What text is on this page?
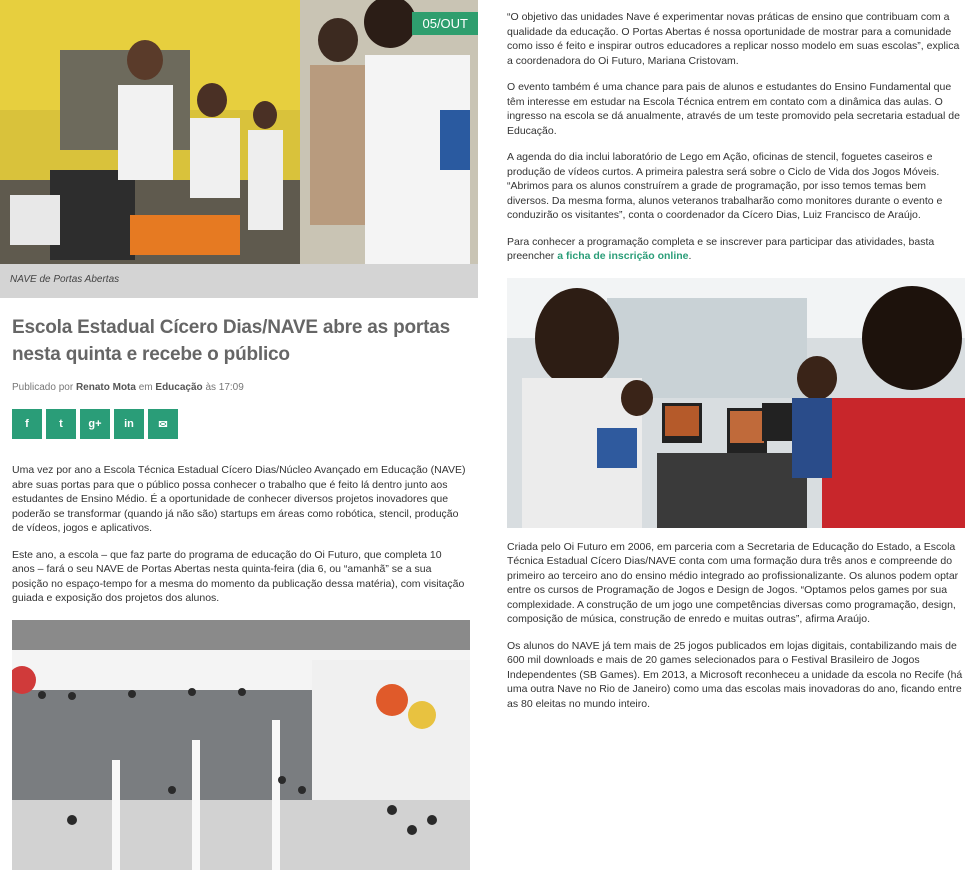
05/OUT
NAVE de Portas Abertas
Escola Estadual Cícero Dias/NAVE abre as portas nesta quinta e recebe o público
Publicado por Renato Mota em Educação às 17:09
f	t g+ in ✉

Uma vez por ano a Escola Técnica Estadual Cícero Dias/Núcleo Avançado em Educação (NAVE) abre suas portas para que o público possa conhecer o trabalho que é feito lá dentro junto aos estudantes de Ensino Médio. É a oportunidade de conhecer diversos projetos inovadores que poderão se transformar (quando já não são) startups em áreas como robótica, stencil, produção de vídeos, jogos e aplicativos.

Este ano, a escola – que faz parte do programa de educação do Oi Futuro, que completa 10 anos – fará o seu NAVE de Portas Abertas nesta quinta-feira (dia 6, ou “amanhã” se a sua posição no espaço-tempo for a mesma do momento da publicação dessa matéria), com visitação guiada e exposição dos projetos dos alunos.

“O objetivo das unidades Nave é experimentar novas práticas de ensino que contribuam com a qualidade da educação. O Portas Abertas é nossa oportunidade de mostrar para a comunidade como isso é feito e inspirar outros educadores a replicar nosso modelo em suas escolas”, explica a coordenadora do Oi Futuro, Mariana Cristovam.

O evento também é uma chance para pais de alunos e estudantes do Ensino Fundamental que têm interesse em estudar na Escola Técnica entrem em contato com a dinâmica das aulas. O ingresso na escola se dá anualmente, através de um teste promovido pela secretaria estadual de Educação.

A agenda do dia inclui laboratório de Lego em Ação, oficinas de stencil, foguetes caseiros e produção de vídeos curtos. A primeira palestra será sobre o Ciclo de Vida dos Jogos Móveis. “Abrimos para os alunos construírem a grade de programação, por isso temos temas bem diversos. Da mesma forma, alunos veteranos trabalharão como monitores durante o evento e conduzirão os visitantes”, conta o coordenador da Cícero Dias, Luiz Francisco de Araújo.

Para conhecer a programação completa e se inscrever para participar das atividades, basta preencher a ficha de inscrição online.

Criada pelo Oi Futuro em 2006, em parceria com a Secretaria de Educação do Estado, a Escola Técnica Estadual Cícero Dias/NAVE conta com uma formação dura três anos e compreende do primeiro ao terceiro ano do ensino médio integrado ao profissionalizante. Os alunos podem optar entre os cursos de Programação de Jogos e Design de Jogos. “Optamos pelos games por sua complexidade. A construção de um jogo une competências diversas como programação, design, composição de música, construção de enredo e muitas outras”, afirma Araújo.

Os alunos do NAVE já tem mais de 25 jogos publicados em lojas digitais, contabilizando mais de 600 mil downloads e mais de 20 games selecionados para o Festival Brasileiro de Jogos Independentes (SB Games). Em 2013, a Microsoft reconheceu a unidade da escola no Recife (há uma outra Nave no Rio de Janeiro) como uma das escolas mais inovadoras do ano, ficando entre as 80 eleitas no mundo inteiro.
